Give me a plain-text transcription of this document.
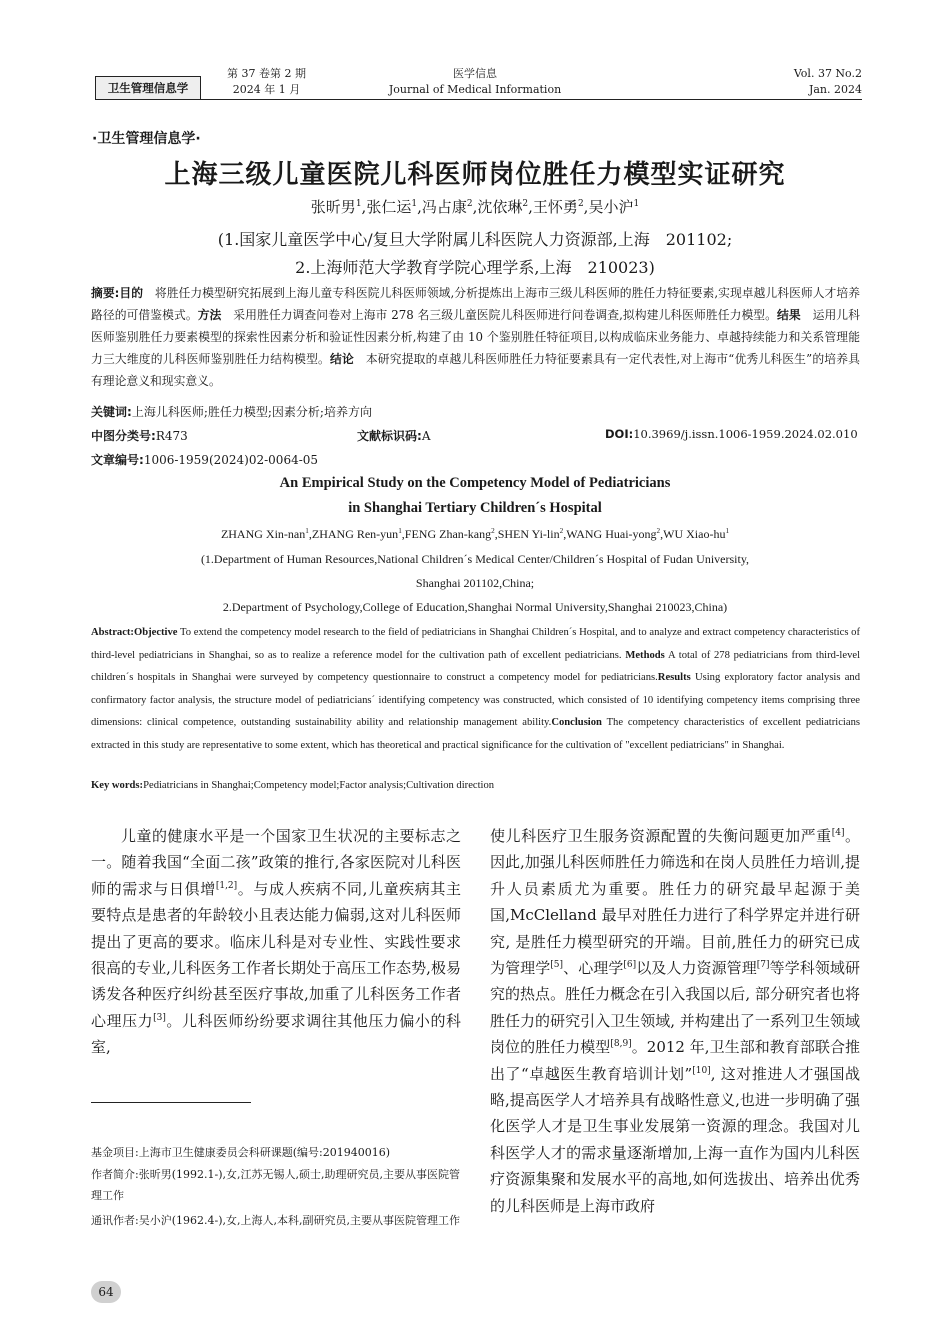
卫生管理信息学
第 37 卷第 2 期
2024 年 1 月
医学信息
Journal of Medical Information
Vol. 37 No.2
Jan. 2024
·卫生管理信息学·
上海三级儿童医院儿科医师岗位胜任力模型实证研究
张昕男$^1$,张仁运$^1$,冯占康$^2$,沈依琳$^2$,王怀勇$^2$,吴小沪$^1$
(1.国家儿童医学中心/复旦大学附属儿科医院人力资源部,上海　201102;
2.上海师范大学教育学院心理学系,上海　210023)
摘要:目的　将胜任力模型研究拓展到上海儿童专科医院儿科医师领域,分析提炼出上海市三级儿科医师的胜任力特征要素,实现卓越儿科医师人才培养路径的可借鉴模式。方法　采用胜任力调查问卷对上海市 278 名三级儿童医院儿科医师进行问卷调查,拟构建儿科医师胜任力模型。结果　运用儿科医师鉴别胜任力要素模型的探索性因素分析和验证性因素分析,构建了由 10 个鉴别胜任特征项目,以构成临床业务能力、卓越持续能力和关系管理能力三大维度的儿科医师鉴别胜任力结构模型。结论　本研究提取的卓越儿科医师胜任力特征要素具有一定代表性,对上海市“优秀儿科医生”的培养具有理论意义和现实意义。
关键词:上海儿科医师;胜任力模型;因素分析;培养方向
中图分类号:R473	文献标识码:A	DOI:10.3969/j.issn.1006-1959.2024.02.010
文章编号:1006-1959(2024)02-0064-05
An Empirical Study on the Competency Model of Pediatricians
in Shanghai Tertiary Children´s Hospital
ZHANG Xin-nan$^1$,ZHANG Ren-yun$^1$,FENG Zhan-kang$^2$,SHEN Yi-lin$^2$,WANG Huai-yong$^2$,WU Xiao-$hu^1$
(1.Department of Human Resources,National Children´s Medical Center/Children´s Hospital of Fudan University,
Shanghai 201102,China;
2.Department of Psychology,College of Education,Shanghai Normal University,Shanghai 210023,China)
Abstract:Objective To extend the competency model research to the field of pediatricians in Shanghai Children´s Hospital, and to analyze and extract competency characteristics of third-level pediatricians in Shanghai, so as to realize a reference model for the cultivation path of excellent pediatricians. Methods A total of 278 pediatricians from third-level children´s hospitals in Shanghai were surveyed by competency questionnaire to construct a competency model for pediatricians.Results Using exploratory factor analysis and confirmatory factor analysis, the structure model of pediatricians´ identifying competency was constructed, which consisted of 10 identifying competency items comprising three dimensions: clinical competence, outstanding sustainability ability and relationship management ability.Conclusion The competency characteristics of excellent pediatricians extracted in this study are representative to some extent, which has theoretical and practical significance for the cultivation of "excellent pediatricians" in Shanghai.
Key words:Pediatricians in Shanghai;Competency model;Factor analysis;Cultivation direction
儿童的健康水平是一个国家卫生状况的主要标志之一。随着我国“全面二孩”政策的推行,各家医院对儿科医师的需求与日俱增[1,2]。与成人疾病不同,儿童疾病其主要特点是患者的年龄较小且表达能力偏弱,这对儿科医师提出了更高的要求。临床儿科是对专业性、实践性要求很高的专业,儿科医务工作者长期处于高压工作态势,极易诱发各种医疗纠纷甚至医疗事故,加重了儿科医务工作者心理压力[3]。儿科医师纷纷要求调往其他压力偏小的科室,
使儿科医疗卫生服务资源配置的失衡问题更加严重[4]。因此,加强儿科医师胜任力筛选和在岗人员胜任力培训,提升人员素质尤为重要。胜任力的研究最早起源于美国,McClelland 最早对胜任力进行了科学界定并进行研究, 是胜任力模型研究的开端。目前,胜任力的研究已成为管理学[5]、心理学[6]以及人力资源管理[7]等学科领域研究的热点。胜任力概念在引入我国以后, 部分研究者也将胜任力的研究引入卫生领域, 并构建出了一系列卫生领域岗位的胜任力模型[8,9]。2012 年,卫生部和教育部联合推出了“卓越医生教育培训计划”[10], 这对推进人才强国战略,提高医学人才培养具有战略性意义,也进一步明确了强化医学人才是卫生事业发展第一资源的理念。我国对儿科医学人才的需求量逐渐增加,上海一直作为国内儿科医疗资源集聚和发展水平的高地,如何选拔出、培养出优秀的儿科医师是上海市政府
基金项目:上海市卫生健康委员会科研课题(编号:201940016)
作者简介:张昕男(1992.1-),女,江苏无锡人,硕士,助理研究员,主要从事医院管理工作
通讯作者:吴小沪(1962.4-),女,上海人,本科,副研究员,主要从事医院管理工作
64
